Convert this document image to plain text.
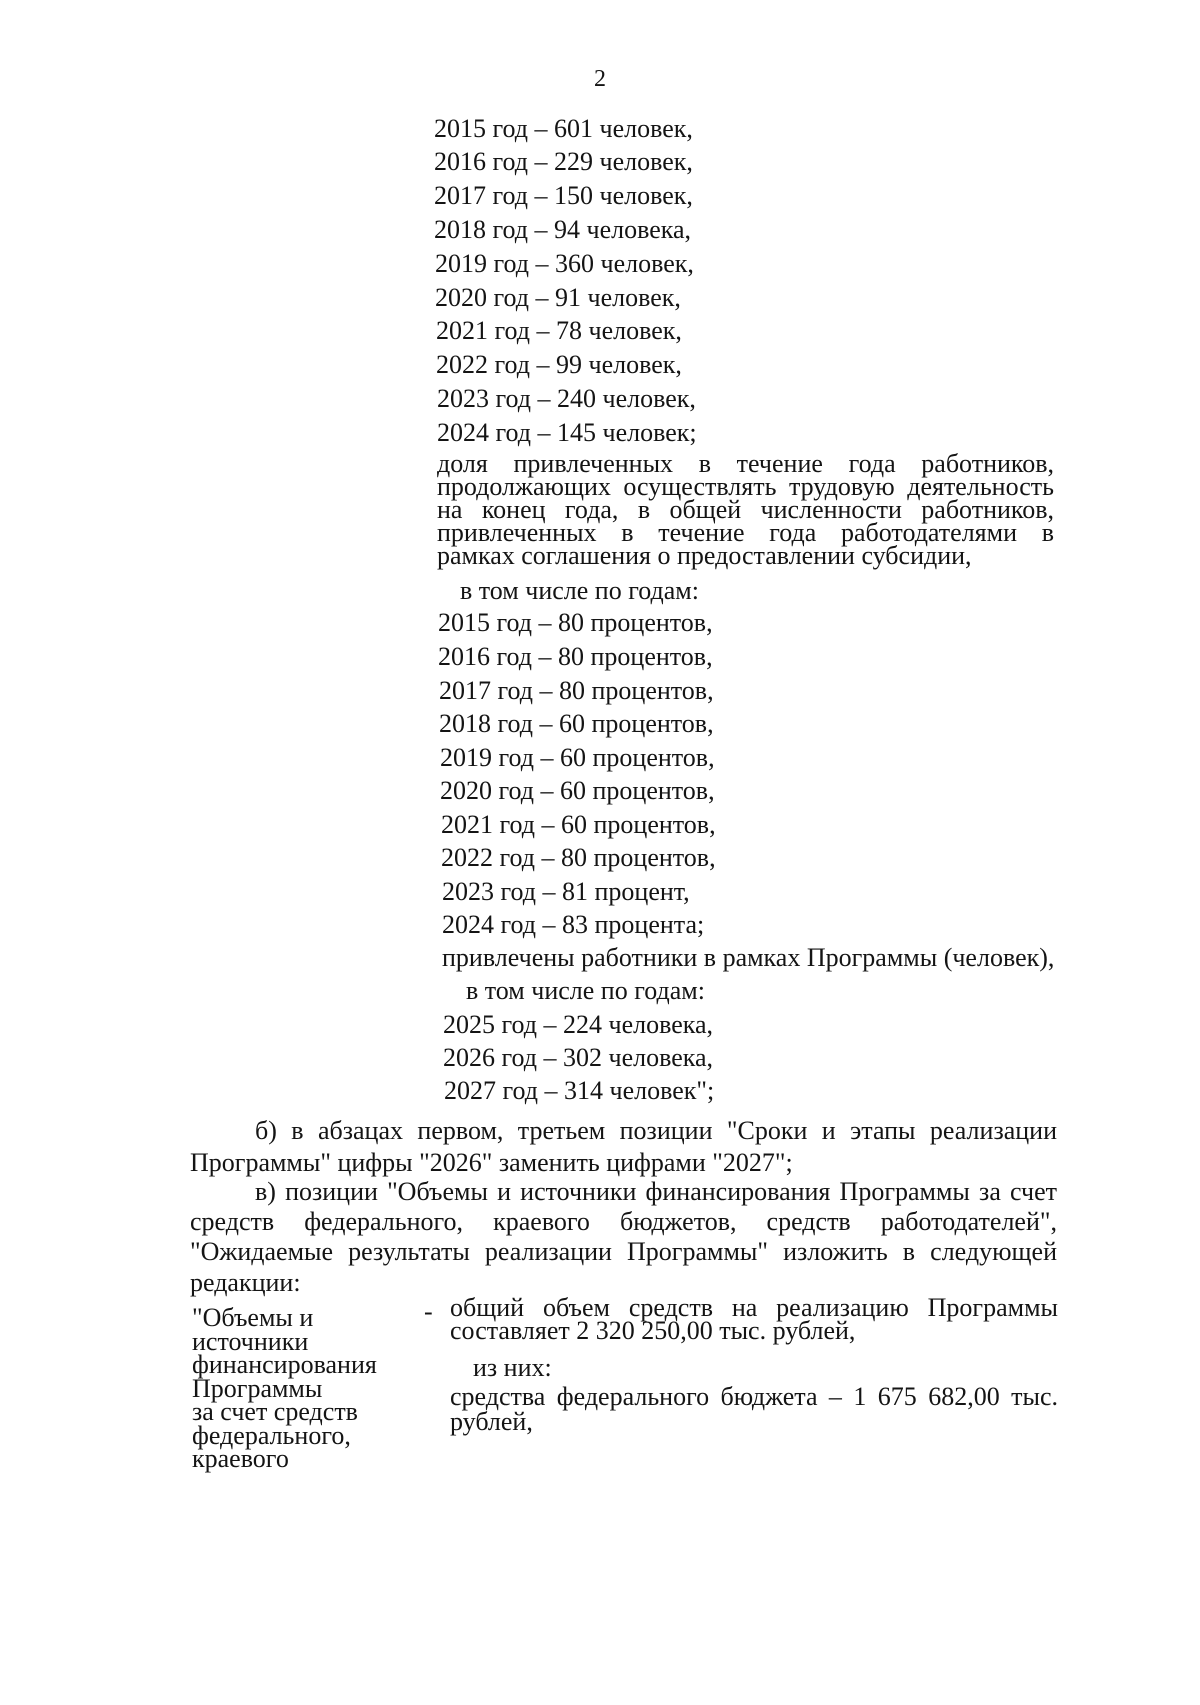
2
2015 год – 601 человек,
2016 год – 229 человек,
2017 год – 150 человек,
2018 год – 94 человека,
2019 год – 360 человек,
2020 год – 91 человек,
2021 год – 78 человек,
2022 год – 99 человек,
2023 год – 240 человек,
2024 год – 145 человек;
доля привлеченных в течение года работников,
продолжающих осуществлять трудовую деятельность
на конец года, в общей численности работников,
привлеченных в течение года работодателями в
рамках соглашения о предоставлении субсидии,
в том числе по годам:
2015 год – 80 процентов,
2016 год – 80 процентов,
2017 год – 80 процентов,
2018 год – 60 процентов,
2019 год – 60 процентов,
2020 год – 60 процентов,
2021 год – 60 процентов,
2022 год – 80 процентов,
2023 год – 81 процент,
2024 год – 83 процента;
привлечены работники в рамках Программы (человек),
в том числе по годам:
2025 год – 224 человека,
2026 год – 302 человека,
2027 год – 314 человек";
б) в абзацах первом, третьем позиции "Сроки и этапы реализации
Программы" цифры "2026" заменить цифрами "2027";
в) позиции "Объемы и источники финансирования Программы за счет
средств федерального, краевого бюджетов, средств работодателей",
"Ожидаемые результаты реализации Программы" изложить в следующей
редакции:
"Объемы и
источники
финансирования
Программы
за счет средств
федерального,
краевого
- общий объем средств на реализацию Программы
составляет 2 320 250,00 тыс. рублей,
из них:
средства федерального бюджета – 1 675 682,00 тыс.
рублей,
